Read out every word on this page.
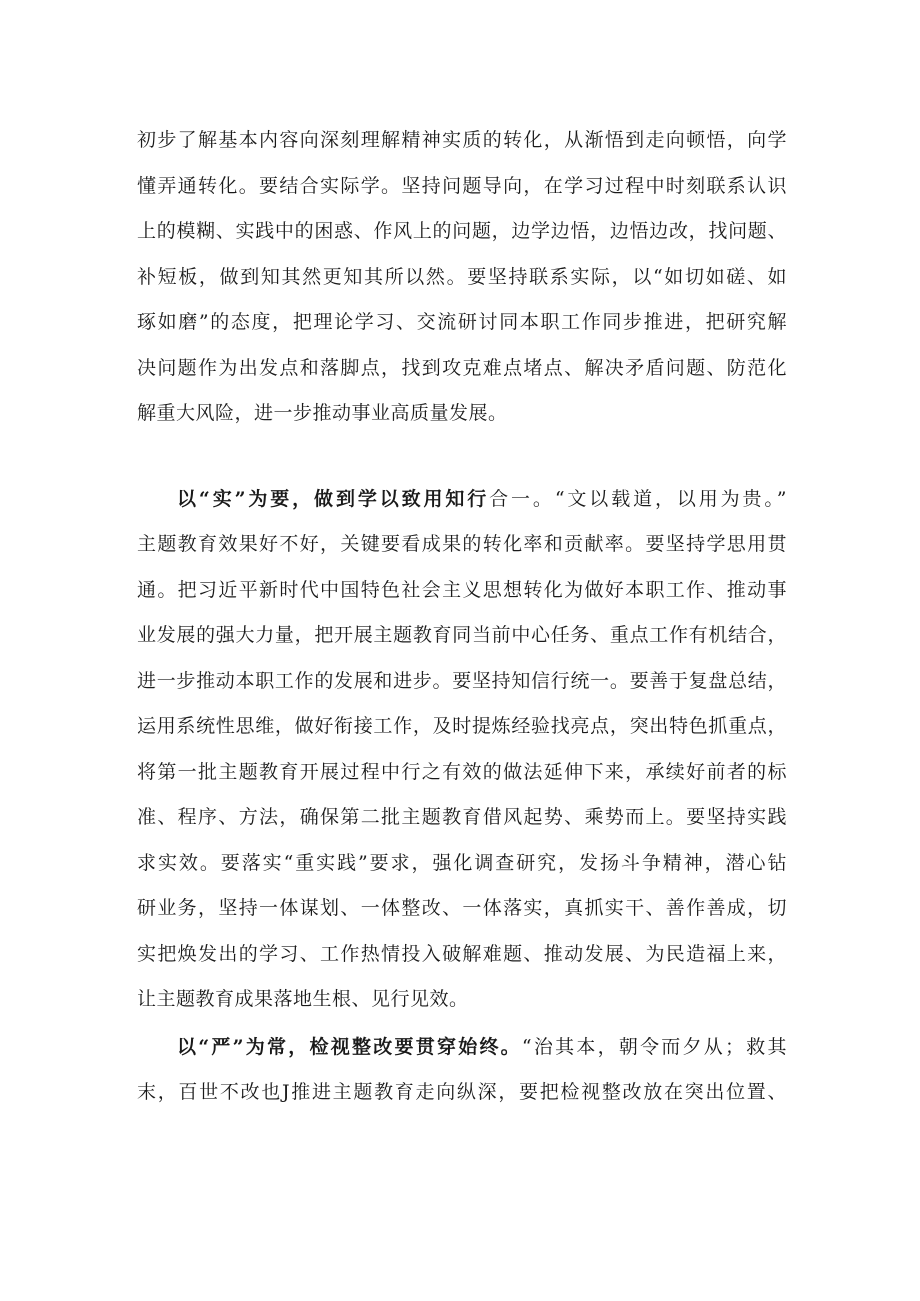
初步了解基本内容向深刻理解精神实质的转化，从渐悟到走向顿悟，向学
懂弄通转化。要结合实际学。坚持问题导向，在学习过程中时刻联系认识
上的模糊、实践中的困惑、作风上的问题，边学边悟，边悟边改，找问题、
补短板，做到知其然更知其所以然。要坚持联系实际，以“如切如磋、如
琢如磨”的态度，把理论学习、交流研讨同本职工作同步推进，把研究解
决问题作为出发点和落脚点，找到攻克难点堵点、解决矛盾问题、防范化
解重大风险，进一步推动事业高质量发展。
以“实”为要，做到学以致用知行合一。“文以载道，以用为贵。”
主题教育效果好不好，关键要看成果的转化率和贡献率。要坚持学思用贯
通。把习近平新时代中国特色社会主义思想转化为做好本职工作、推动事
业发展的强大力量，把开展主题教育同当前中心任务、重点工作有机结合，
进一步推动本职工作的发展和进步。要坚持知信行统一。要善于复盘总结，
运用系统性思维，做好衔接工作，及时提炼经验找亮点，突出特色抓重点，
将第一批主题教育开展过程中行之有效的做法延伸下来，承续好前者的标
准、程序、方法，确保第二批主题教育借风起势、乘势而上。要坚持实践
求实效。要落实“重实践”要求，强化调查研究，发扬斗争精神，潜心钻
研业务，坚持一体谋划、一体整改、一体落实，真抓实干、善作善成，切
实把焕发出的学习、工作热情投入破解难题、推动发展、为民造福上来，
让主题教育成果落地生根、见行见效。
以“严”为常，检视整改要贯穿始终。“治其本，朝令而夕从；救其
末，百世不改也J推进主题教育走向纵深，要把检视整改放在突出位置、
